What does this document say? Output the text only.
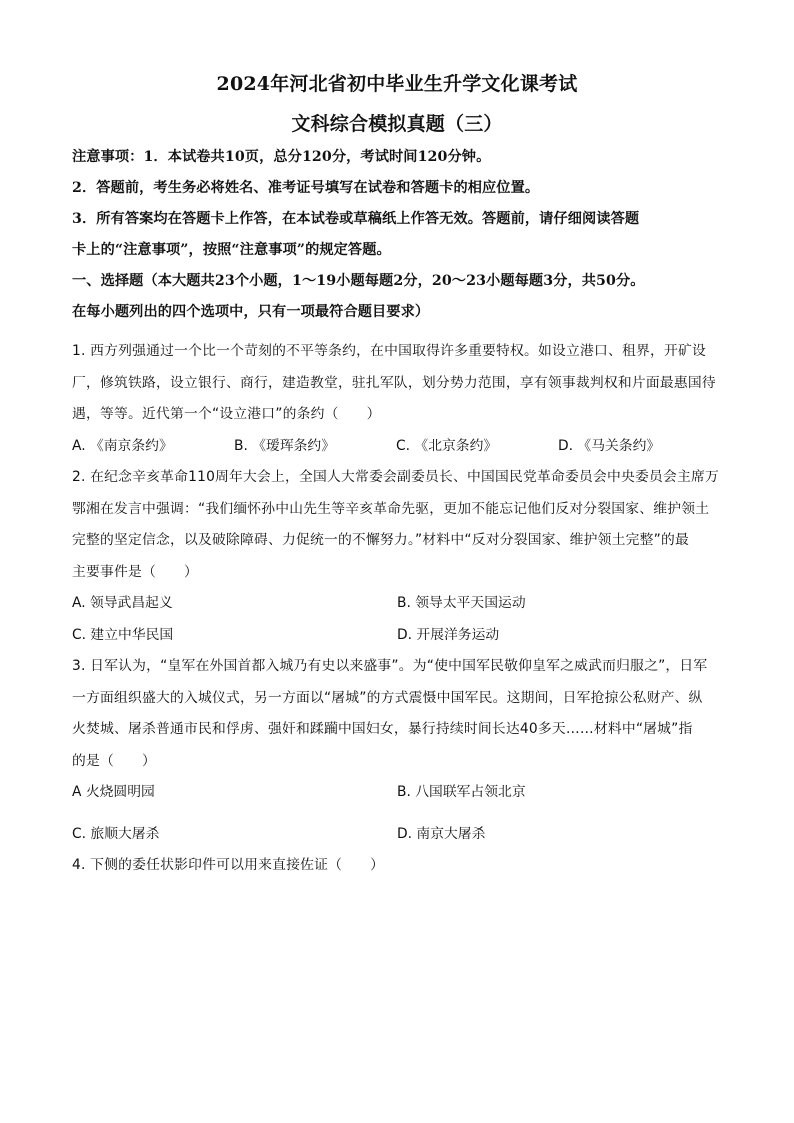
2024年河北省初中毕业生升学文化课考试
文科综合模拟真题（三）

注意事项：1．本试卷共10页，总分120分，考试时间120分钟。

2．答题前，考生务必将姓名、准考证号填写在试卷和答题卡的相应位置。

3．所有答案均在答题卡上作答，在本试卷或草稿纸上作答无效。答题前，请仔细阅读答题

卡上的“注意事项”，按照“注意事项”的规定答题。

一、选择题（本大题共23个小题，1～19小题每题2分，20～23小题每题3分，共50分。

在每小题列出的四个选项中，只有一项最符合题目要求）

1. 西方列强通过一个比一个苛刻的不平等条约，在中国取得许多重要特权。如设立港口、租界，开矿设

厂，修筑铁路，设立银行、商行，建造教堂，驻扎军队，划分势力范围，享有领事裁判权和片面最惠国待

遇，等等。近代第一个“设立港口”的条约（　　）

A. 《南京条约》	B. 《瑷珲条约》	C. 《北京条约》	D. 《马关条约》

2. 在纪念辛亥革命110周年大会上，全国人大常委会副委员长、中国国民党革命委员会中央委员会主席万

鄂湘在发言中强调：“我们缅怀孙中山先生等辛亥革命先驱，更加不能忘记他们反对分裂国家、维护领土

完整的坚定信念，以及破除障碍、力促统一的不懈努力。”材料中“反对分裂国家、维护领土完整”的最

主要事件是（　　）

A. 领导武昌起义	B. 领导太平天国运动
C. 建立中华民国	D. 开展洋务运动

3. 日军认为，“皇军在外国首都入城乃有史以来盛事”。为“使中国军民敬仰皇军之威武而归服之”，日军

一方面组织盛大的入城仪式，另一方面以“屠城”的方式震慑中国军民。这期间，日军抢掠公私财产、纵

火焚城、屠杀普通市民和俘虏、强奸和蹂躏中国妇女，暴行持续时间长达40多天……材料中“屠城”指

的是（　　）

A 火烧圆明园	B. 八国联军占领北京
C. 旅顺大屠杀	D. 南京大屠杀

4. 下侧的委任状影印件可以用来直接佐证（　　）
